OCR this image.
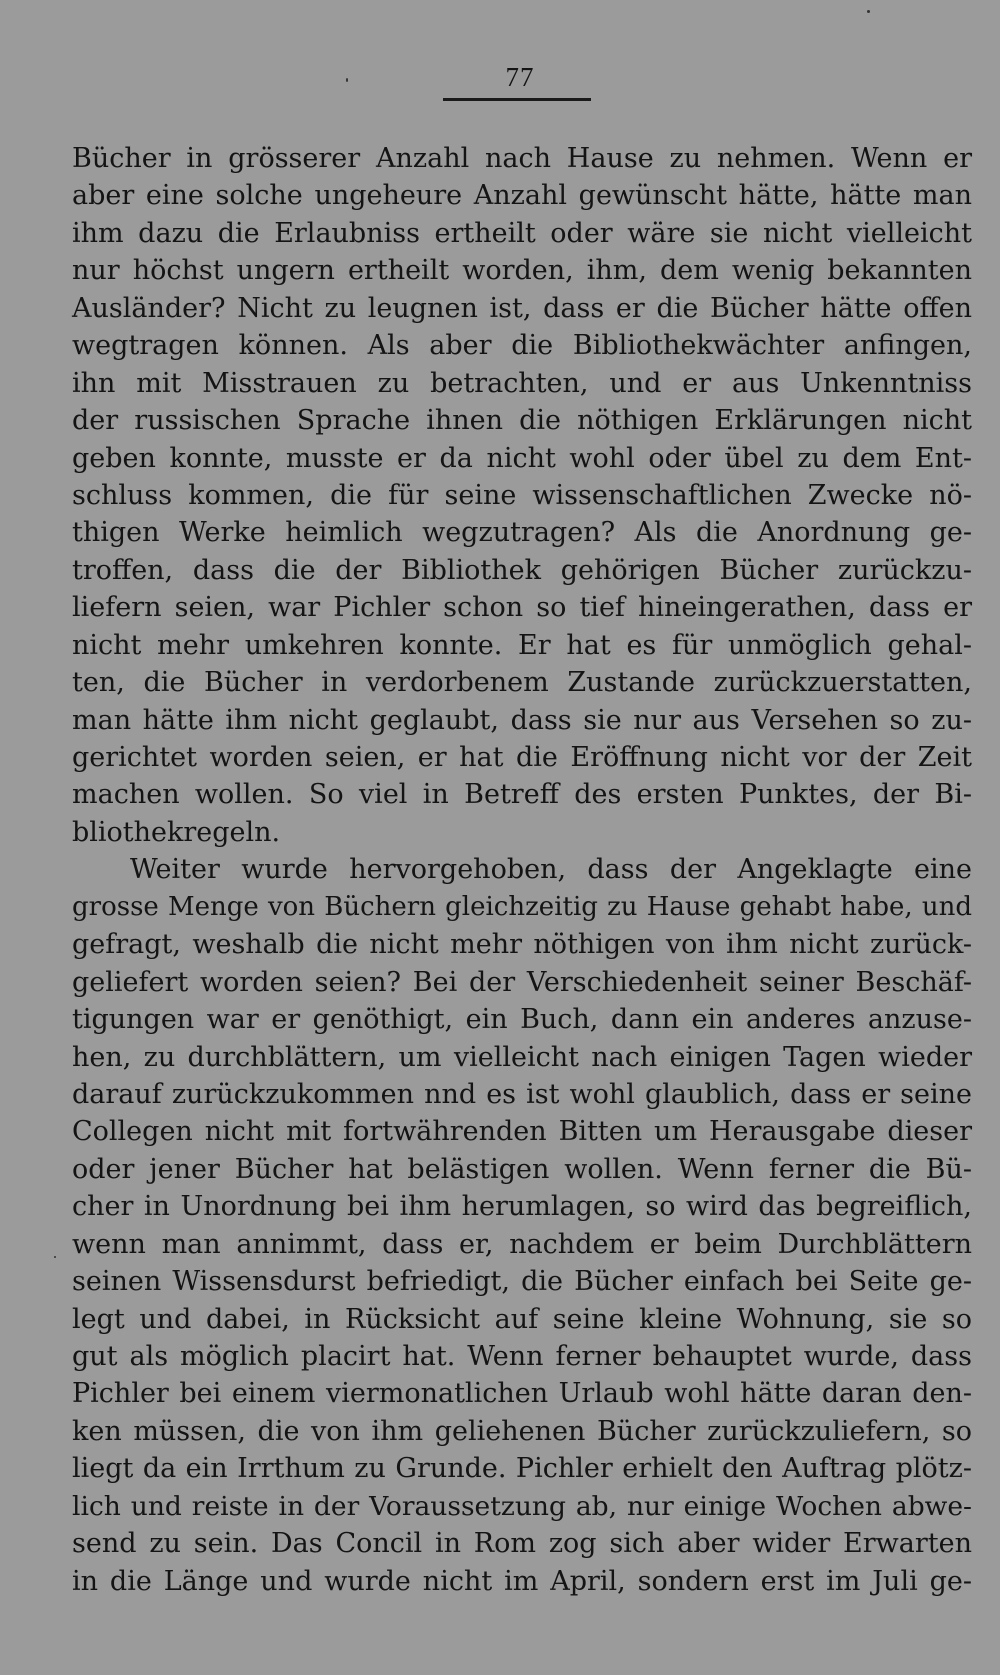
77
Bücher in grösserer Anzahl nach Hause zu nehmen. Wenn er
aber eine solche ungeheure Anzahl gewünscht hätte, hätte man
ihm dazu die Erlaubniss ertheilt oder wäre sie nicht vielleicht
nur höchst ungern ertheilt worden, ihm, dem wenig bekannten
Ausländer? Nicht zu leugnen ist, dass er die Bücher hätte offen
wegtragen können. Als aber die Bibliothekwächter anfingen,
ihn mit Misstrauen zu betrachten, und er aus Unkenntniss
der russischen Sprache ihnen die nöthigen Erklärungen nicht
geben konnte, musste er da nicht wohl oder übel zu dem Ent-
schluss kommen, die für seine wissenschaftlichen Zwecke nö-
thigen Werke heimlich wegzutragen? Als die Anordnung ge-
troffen, dass die der Bibliothek gehörigen Bücher zurückzu-
liefern seien, war Pichler schon so tief hineingerathen, dass er
nicht mehr umkehren konnte. Er hat es für unmöglich gehal-
ten, die Bücher in verdorbenem Zustande zurückzuerstatten,
man hätte ihm nicht geglaubt, dass sie nur aus Versehen so zu-
gerichtet worden seien, er hat die Eröffnung nicht vor der Zeit
machen wollen. So viel in Betreff des ersten Punktes, der Bi-
bliothekregeln.
Weiter wurde hervorgehoben, dass der Angeklagte eine
grosse Menge von Büchern gleichzeitig zu Hause gehabt habe, und
gefragt, weshalb die nicht mehr nöthigen von ihm nicht zurück-
geliefert worden seien? Bei der Verschiedenheit seiner Beschäf-
tigungen war er genöthigt, ein Buch, dann ein anderes anzuse-
hen, zu durchblättern, um vielleicht nach einigen Tagen wieder
darauf zurückzukommen nnd es ist wohl glaublich, dass er seine
Collegen nicht mit fortwährenden Bitten um Herausgabe dieser
oder jener Bücher hat belästigen wollen. Wenn ferner die Bü-
cher in Unordnung bei ihm herumlagen, so wird das begreiflich,
wenn man annimmt, dass er, nachdem er beim Durchblättern
seinen Wissensdurst befriedigt, die Bücher einfach bei Seite ge-
legt und dabei, in Rücksicht auf seine kleine Wohnung, sie so
gut als möglich placirt hat. Wenn ferner behauptet wurde, dass
Pichler bei einem viermonatlichen Urlaub wohl hätte daran den-
ken müssen, die von ihm geliehenen Bücher zurückzuliefern, so
liegt da ein Irrthum zu Grunde. Pichler erhielt den Auftrag plötz-
lich und reiste in der Voraussetzung ab, nur einige Wochen abwe-
send zu sein. Das Concil in Rom zog sich aber wider Erwarten
in die Länge und wurde nicht im April, sondern erst im Juli ge-
